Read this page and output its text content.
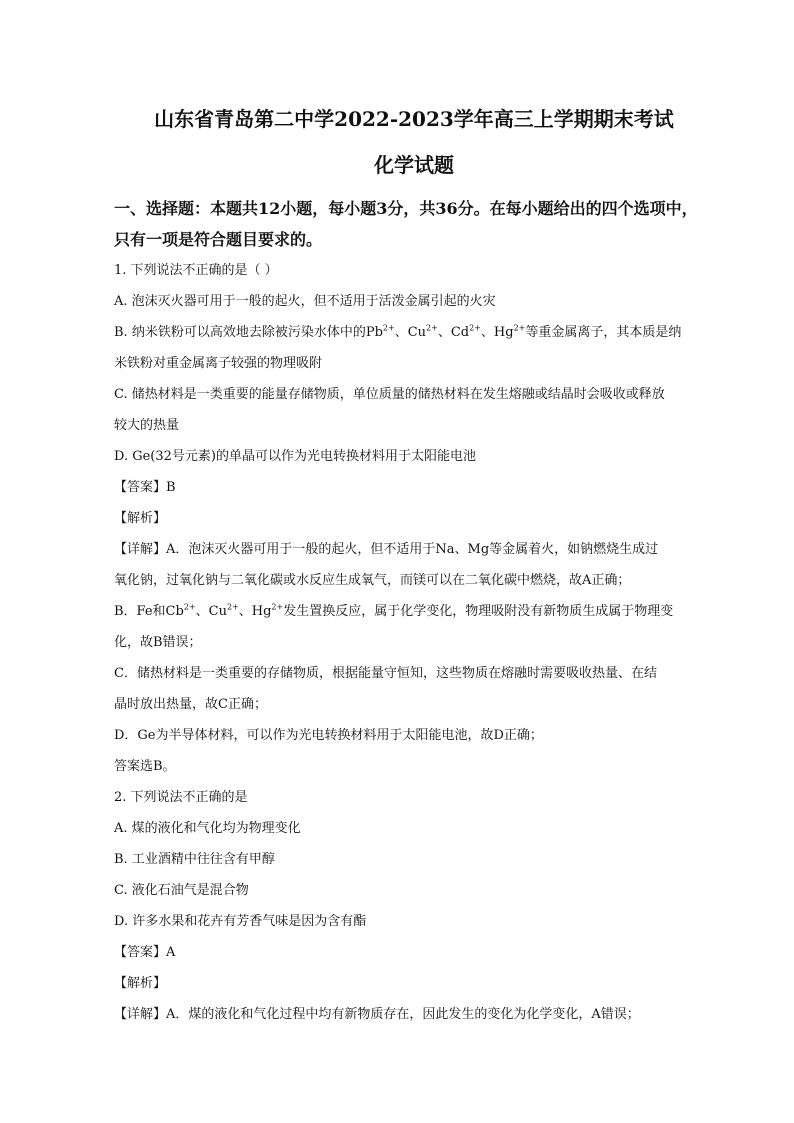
山东省青岛第二中学2022-2023学年高三上学期期末考试
化学试题
一、选择题：本题共12小题，每小题3分，共36分。在每小题给出的四个选项中，
只有一项是符合题目要求的。
1. 下列说法不正确的是（ ）
A. 泡沫灭火器可用于一般的起火，但不适用于活泼金属引起的火灾
B. 纳米铁粉可以高效地去除被污染水体中的$Pb^{2+}$、$Cu^{2+}$、$Cd^{2+}$、$Hg^{2+}$等重金属离子，其本质是纳
米铁粉对重金属离子较强的物理吸附
C. 储热材料是一类重要的能量存储物质，单位质量的储热材料在发生熔融或结晶时会吸收或释放
较大的热量
D. Ge(32号元素)的单晶可以作为光电转换材料用于太阳能电池
【答案】B
【解析】
【详解】A．泡沫灭火器可用于一般的起火，但不适用于Na、Mg等金属着火，如钠燃烧生成过
氧化钠，过氧化钠与二氧化碳或水反应生成氧气，而镁可以在二氧化碳中燃烧，故A正确；
B．Fe和$Cb^{2+}$、$Cu^{2+}$、$Hg^{2+}$发生置换反应，属于化学变化，物理吸附没有新物质生成属于物理变
化，故B错误；
C．储热材料是一类重要的存储物质，根据能量守恒知，这些物质在熔融时需要吸收热量、在结
晶时放出热量，故C正确；
D．Ge为半导体材料，可以作为光电转换材料用于太阳能电池，故D正确；
答案选B。
2. 下列说法不正确的是
A. 煤的液化和气化均为物理变化
B. 工业酒精中往往含有甲醇
C. 液化石油气是混合物
D. 许多水果和花卉有芳香气味是因为含有酯
【答案】A
【解析】
【详解】A．煤的液化和气化过程中均有新物质存在，因此发生的变化为化学变化，A错误；
